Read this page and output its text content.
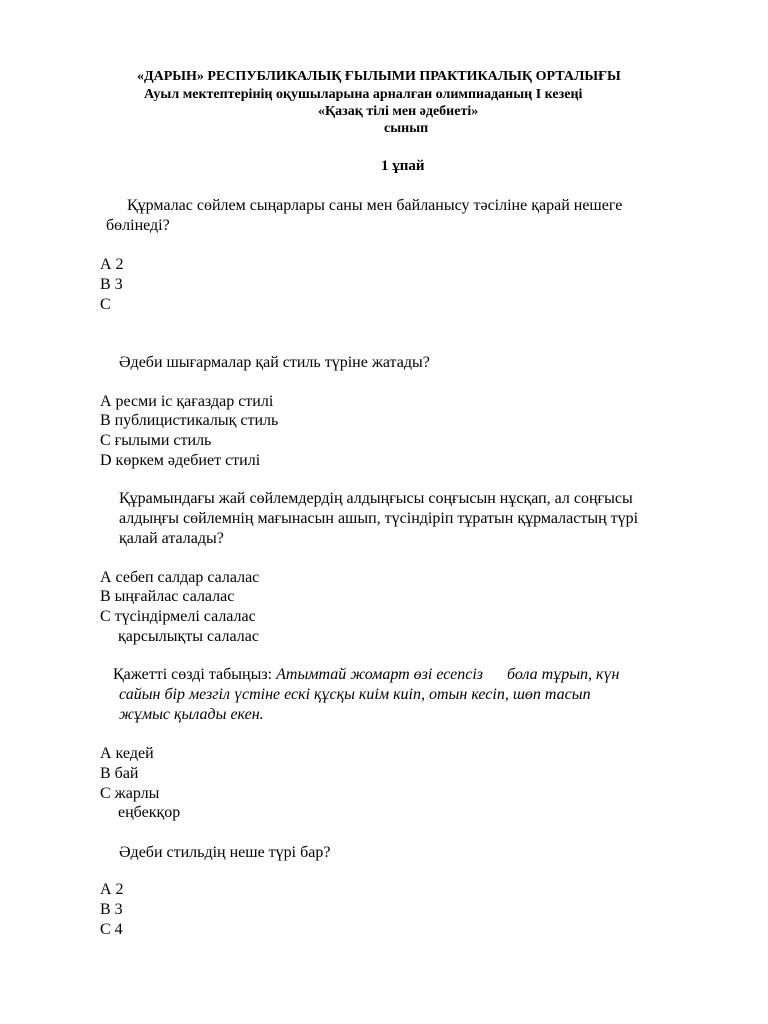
«ДАРЫН» РЕСПУБЛИКАЛЫҚ ҒЫЛЫМИ ПРАКТИКАЛЫҚ ОРТАЛЫҒЫ
Ауыл мектептерінің оқушыларына арналған олимпиаданың І кезеңі
«Қазақ тілі мен әдебиеті»
сынып
1 ұпай
Құрмалас сөйлем сыңарлары саны мен байланысу тәсіліне қарай нешеге
бөлінеді?
А 2
В 3
С
Әдеби шығармалар қай стиль түріне жатады?
А ресми іс қағаздар стилі
В публицистикалық стиль
С ғылыми стиль
D көркем әдебиет стилі
Құрамындағы жай сөйлемдердің алдыңғысы соңғысын нұсқап, ал соңғысы
алдыңғы сөйлемнің мағынасын ашып, түсіндіріп тұратын құрмаластың түрі
қалай аталады?
А себеп салдар салалас
В ыңғайлас салалас
С түсіндірмелі салалас
қарсылықты салалас
Қажетті сөзді табыңыз: Атымтай жомарт өзі есепсіз      бола тұрып, күн
сайын бір мезгіл үстіне ескі құсқы киім киіп, отын кесіп, шөп тасып
жұмыс қылады екен.
А кедей
В бай
С жарлы
еңбекқор
Әдеби стильдің неше түрі бар?
А 2
В 3
С 4
